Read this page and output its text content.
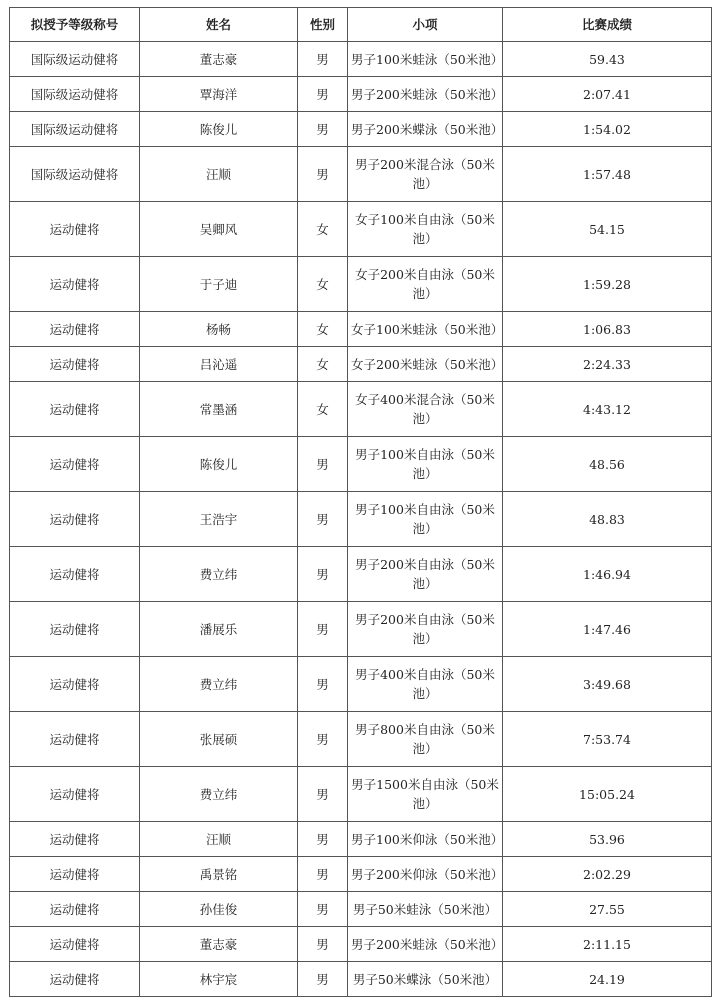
拟授予等级称号	姓名	性别	小项	比赛成绩
国际级运动健将	董志豪	男	男子100米蛙泳（50米池）	59.43
国际级运动健将	覃海洋	男	男子200米蛙泳（50米池）	2:07.41
国际级运动健将	陈俊儿	男	男子200米蝶泳（50米池）	1:54.02
国际级运动健将	汪顺	男	男子200米混合泳（50米池）	1:57.48
运动健将	吴卿风	女	女子100米自由泳（50米池）	54.15
运动健将	于子迪	女	女子200米自由泳（50米池）	1:59.28
运动健将	杨畅	女	女子100米蛙泳（50米池）	1:06.83
运动健将	吕沁遥	女	女子200米蛙泳（50米池）	2:24.33
运动健将	常墨涵	女	女子400米混合泳（50米池）	4:43.12
运动健将	陈俊儿	男	男子100米自由泳（50米池）	48.56
运动健将	王浩宇	男	男子100米自由泳（50米池）	48.83
运动健将	费立纬	男	男子200米自由泳（50米池）	1:46.94
运动健将	潘展乐	男	男子200米自由泳（50米池）	1:47.46
运动健将	费立纬	男	男子400米自由泳（50米池）	3:49.68
运动健将	张展硕	男	男子800米自由泳（50米池）	7:53.74
运动健将	费立纬	男	男子1500米自由泳（50米池）	15:05.24
运动健将	汪顺	男	男子100米仰泳（50米池）	53.96
运动健将	禹景铭	男	男子200米仰泳（50米池）	2:02.29
运动健将	孙佳俊	男	男子50米蛙泳（50米池）	27.55
运动健将	董志豪	男	男子200米蛙泳（50米池）	2:11.15
运动健将	林宇宸	男	男子50米蝶泳（50米池）	24.19
